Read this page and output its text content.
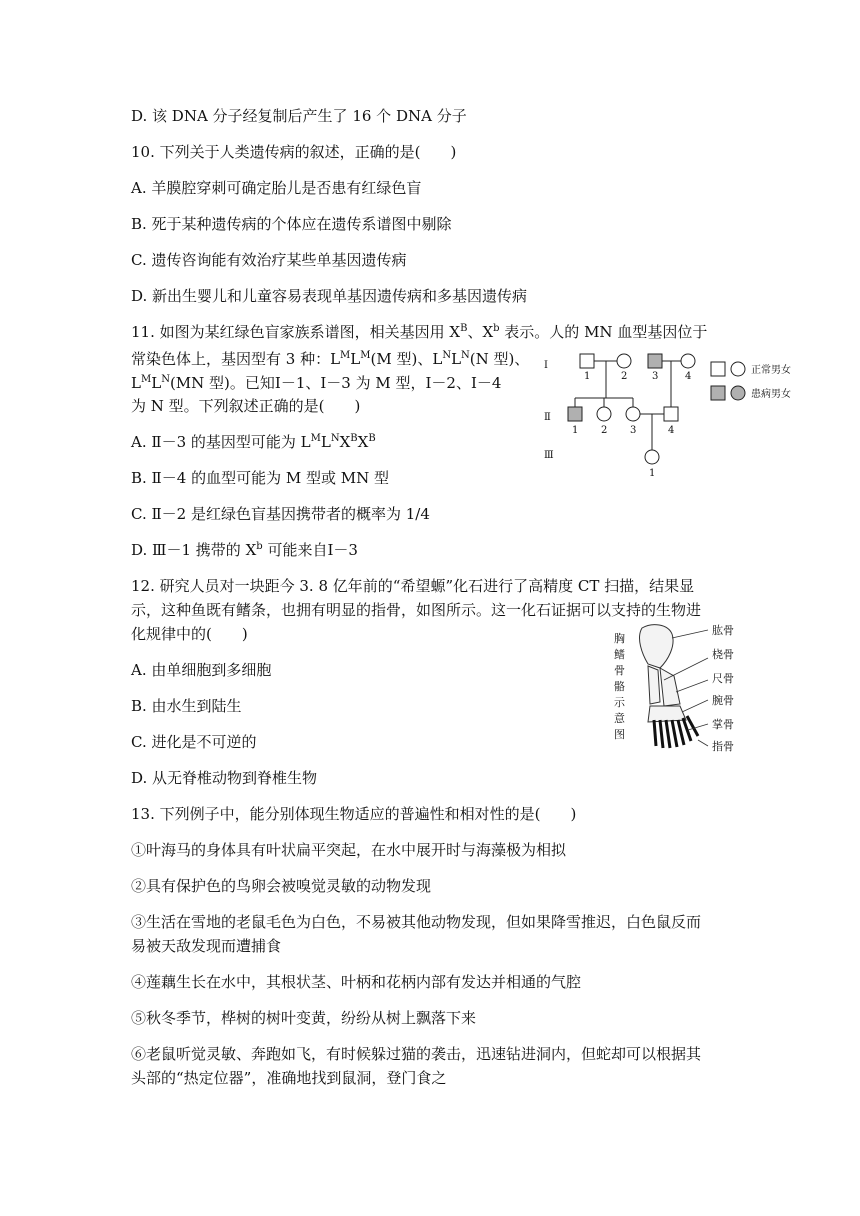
D. 该 DNA 分子经复制后产生了 16 个 DNA 分子
10. 下列关于人类遗传病的叙述，正确的是(　　)
A. 羊膜腔穿刺可确定胎儿是否患有红绿色盲
B. 死于某种遗传病的个体应在遗传系谱图中剔除
C. 遗传咨询能有效治疗某些单基因遗传病
D. 新出生婴儿和儿童容易表现单基因遗传病和多基因遗传病
11. 如图为某红绿色盲家族系谱图，相关基因用 $X^B$、$X^b$ 表示。人的 MN 血型基因位于
常染色体上，基因型有 3 种：$L^ML^M(M$ 型)、$L^NL^N(N$ 型)、
$L^ML^N(MN$ 型)。已知Ⅰ－1、Ⅰ－3 为 M 型，Ⅰ－2、Ⅰ－4
为 N 型。下列叙述正确的是(　　)
A. Ⅱ－3 的基因型可能为 $L^ML^NX^BX^B$
B. Ⅱ－4 的血型可能为 M 型或 MN 型
C. Ⅱ－2 是红绿色盲基因携带者的概率为 1/4
D. Ⅲ－1 携带的 $X^b$ 可能来自Ⅰ－3
Ⅰ
Ⅱ
Ⅲ
1	2 3	4
1 2 3	4
1
正常男女
患病男女
12. 研究人员对一块距今 3. 8 亿年前的“希望螈”化石进行了高精度 CT 扫描，结果显
示，这种鱼既有鳍条，也拥有明显的指骨，如图所示。这一化石证据可以支持的生物进
化规律中的(　　)
A. 由单细胞到多细胞
B. 由水生到陆生
C. 进化是不可逆的
D. 从无脊椎动物到脊椎生物
胸
鳍
骨
骼
示
意
图
肱骨
桡骨
尺骨
腕骨
掌骨
指骨
13. 下列例子中，能分别体现生物适应的普遍性和相对性的是(　　)
①叶海马的身体具有叶状扁平突起，在水中展开时与海藻极为相拟
②具有保护色的鸟卵会被嗅觉灵敏的动物发现
③生活在雪地的老鼠毛色为白色，不易被其他动物发现，但如果降雪推迟，白色鼠反而
易被天敌发现而遭捕食
④莲藕生长在水中，其根状茎、叶柄和花柄内部有发达并相通的气腔
⑤秋冬季节，桦树的树叶变黄，纷纷从树上飘落下来
⑥老鼠听觉灵敏、奔跑如飞，有时候躲过猫的袭击，迅速钻进洞内，但蛇却可以根据其
头部的“热定位器”，准确地找到鼠洞，登门食之
